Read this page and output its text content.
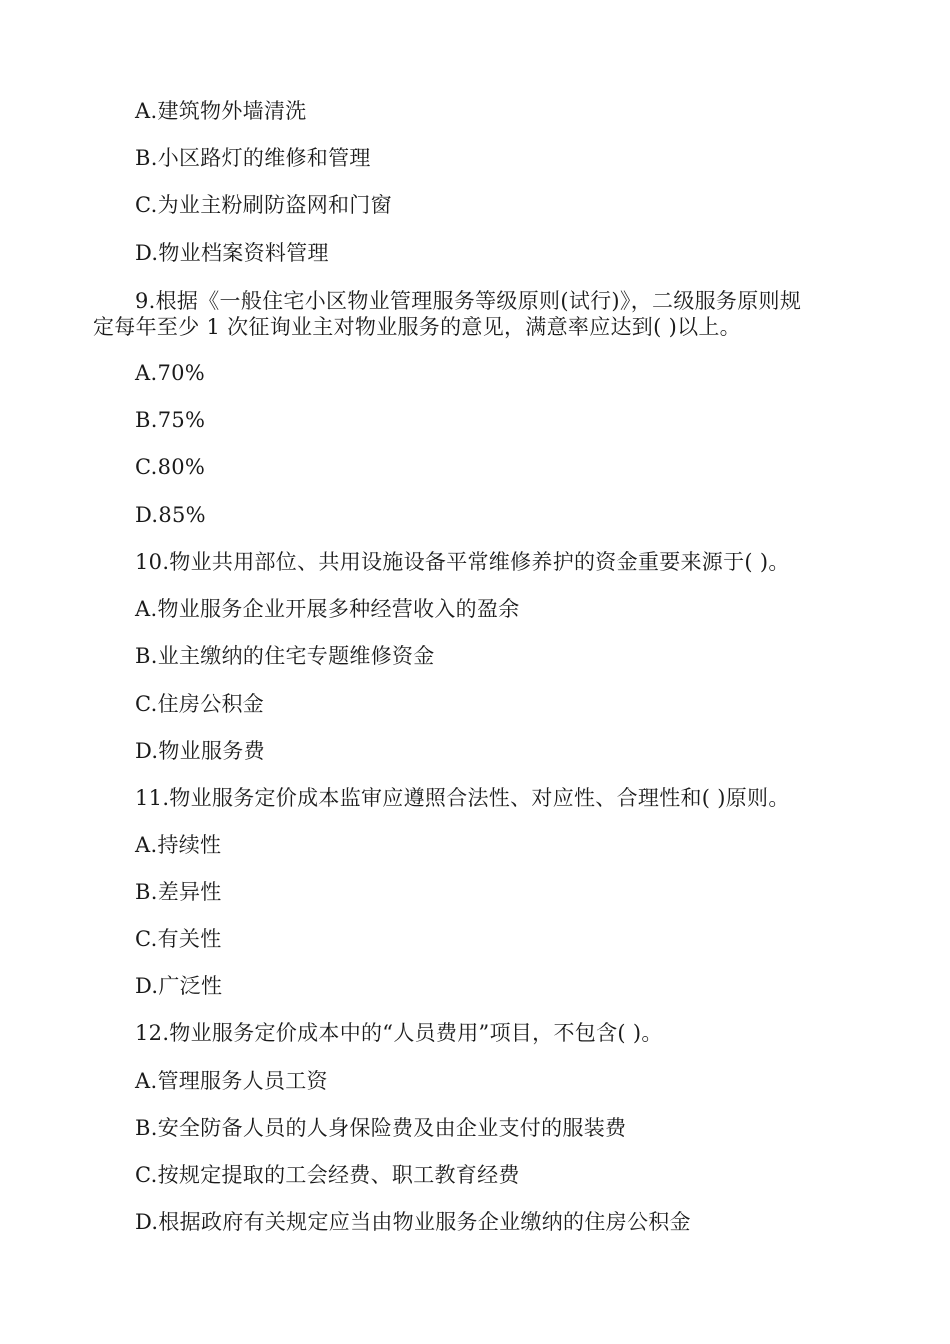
A.建筑物外墙清洗
B.小区路灯的维修和管理
C.为业主粉刷防盗网和门窗
D.物业档案资料管理
9.根据《一般住宅小区物业管理服务等级原则(试行)》，二级服务原则规
定每年至少 1 次征询业主对物业服务的意见，满意率应达到( )以上。
A.70%
B.75%
C.80%
D.85%
10.物业共用部位、共用设施设备平常维修养护的资金重要来源于( )。
A.物业服务企业开展多种经营收入的盈余
B.业主缴纳的住宅专题维修资金
C.住房公积金
D.物业服务费
11.物业服务定价成本监审应遵照合法性、对应性、合理性和( )原则。
A.持续性
B.差异性
C.有关性
D.广泛性
12.物业服务定价成本中的“人员费用”项目，不包含( )。
A.管理服务人员工资
B.安全防备人员的人身保险费及由企业支付的服装费
C.按规定提取的工会经费、职工教育经费
D.根据政府有关规定应当由物业服务企业缴纳的住房公积金
